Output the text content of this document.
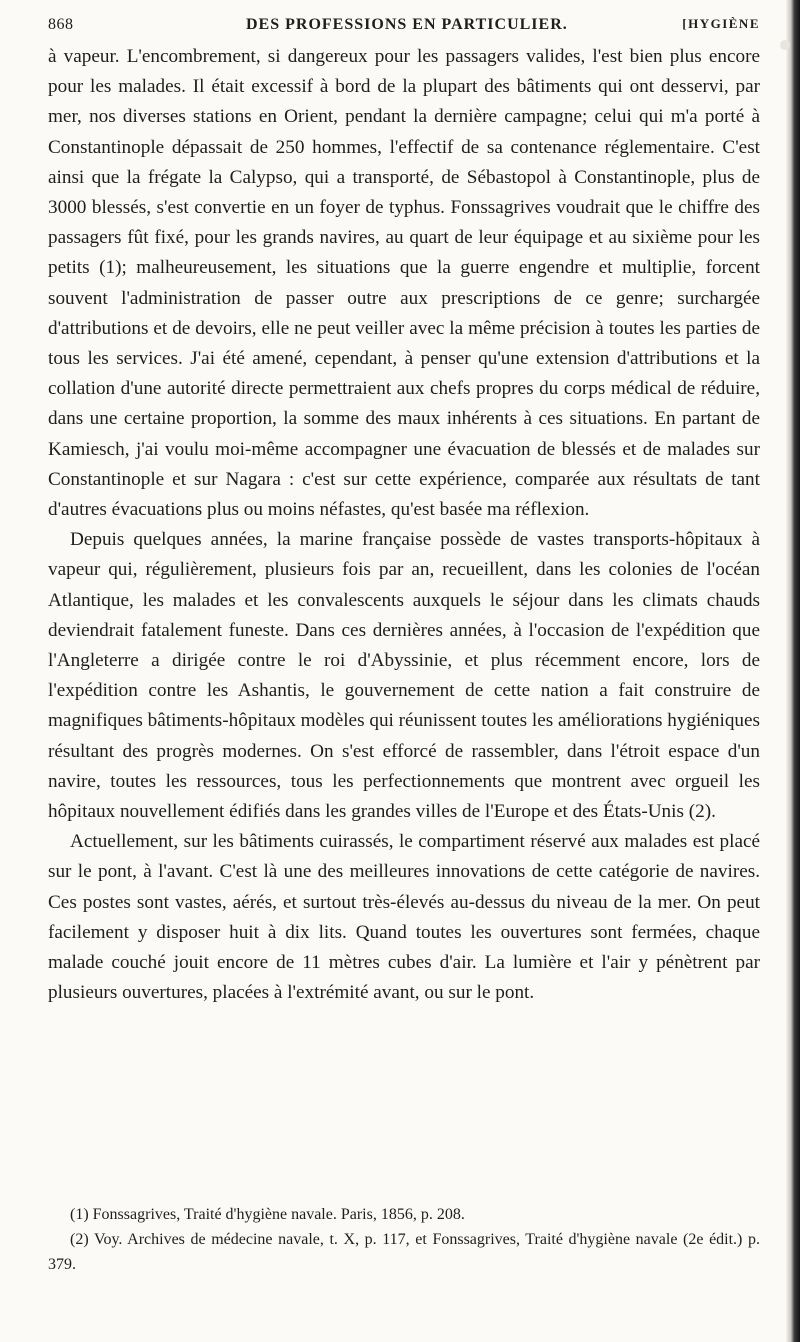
868	DES PROFESSIONS EN PARTICULIER.	[HYGIÈNE

à vapeur. L'encombrement, si dangereux pour les passagers valides, l'est bien plus encore pour les malades. Il était excessif à bord de la plupart des bâtiments qui ont desservi, par mer, nos diverses stations en Orient, pendant la dernière campagne; celui qui m'a porté à Constantinople dépassait de 250 hommes, l'effectif de sa contenance réglementaire. C'est ainsi que la frégate la Calypso, qui a transporté, de Sébastopol à Constantinople, plus de 3000 blessés, s'est convertie en un foyer de typhus. Fonssagrives voudrait que le chiffre des passagers fût fixé, pour les grands navires, au quart de leur équipage et au sixième pour les petits (1); malheureusement, les situations que la guerre engendre et multiplie, forcent souvent l'administration de passer outre aux prescriptions de ce genre; surchargée d'attributions et de devoirs, elle ne peut veiller avec la même précision à toutes les parties de tous les services. J'ai été amené, cependant, à penser qu'une extension d'attributions et la collation d'une autorité directe permettraient aux chefs propres du corps médical de réduire, dans une certaine proportion, la somme des maux inhérents à ces situations. En partant de Kamiesch, j'ai voulu moi-même accompagner une évacuation de blessés et de malades sur Constantinople et sur Nagara : c'est sur cette expérience, comparée aux résultats de tant d'autres évacuations plus ou moins néfastes, qu'est basée ma réflexion.

Depuis quelques années, la marine française possède de vastes transports-hôpitaux à vapeur qui, régulièrement, plusieurs fois par an, recueillent, dans les colonies de l'océan Atlantique, les malades et les convalescents auxquels le séjour dans les climats chauds deviendrait fatalement funeste. Dans ces dernières années, à l'occasion de l'expédition que l'Angleterre a dirigée contre le roi d'Abyssinie, et plus récemment encore, lors de l'expédition contre les Ashantis, le gouvernement de cette nation a fait construire de magnifiques bâtiments-hôpitaux modèles qui réunissent toutes les améliorations hygiéniques résultant des progrès modernes. On s'est efforcé de rassembler, dans l'étroit espace d'un navire, toutes les ressources, tous les perfectionnements que montrent avec orgueil les hôpitaux nouvellement édifiés dans les grandes villes de l'Europe et des États-Unis (2).

Actuellement, sur les bâtiments cuirassés, le compartiment réservé aux malades est placé sur le pont, à l'avant. C'est là une des meilleures innovations de cette catégorie de navires. Ces postes sont vastes, aérés, et surtout très-élevés au-dessus du niveau de la mer. On peut facilement y disposer huit à dix lits. Quand toutes les ouvertures sont fermées, chaque malade couché jouit encore de 11 mètres cubes d'air. La lumière et l'air y pénètrent par plusieurs ouvertures, placées à l'extrémité avant, ou sur le pont.

(1) Fonssagrives, Traité d'hygiène navale. Paris, 1856, p. 208.

(2) Voy. Archives de médecine navale, t. X, p. 117, et Fonssagrives, Traité d'hygiène navale (2e édit.) p. 379.
